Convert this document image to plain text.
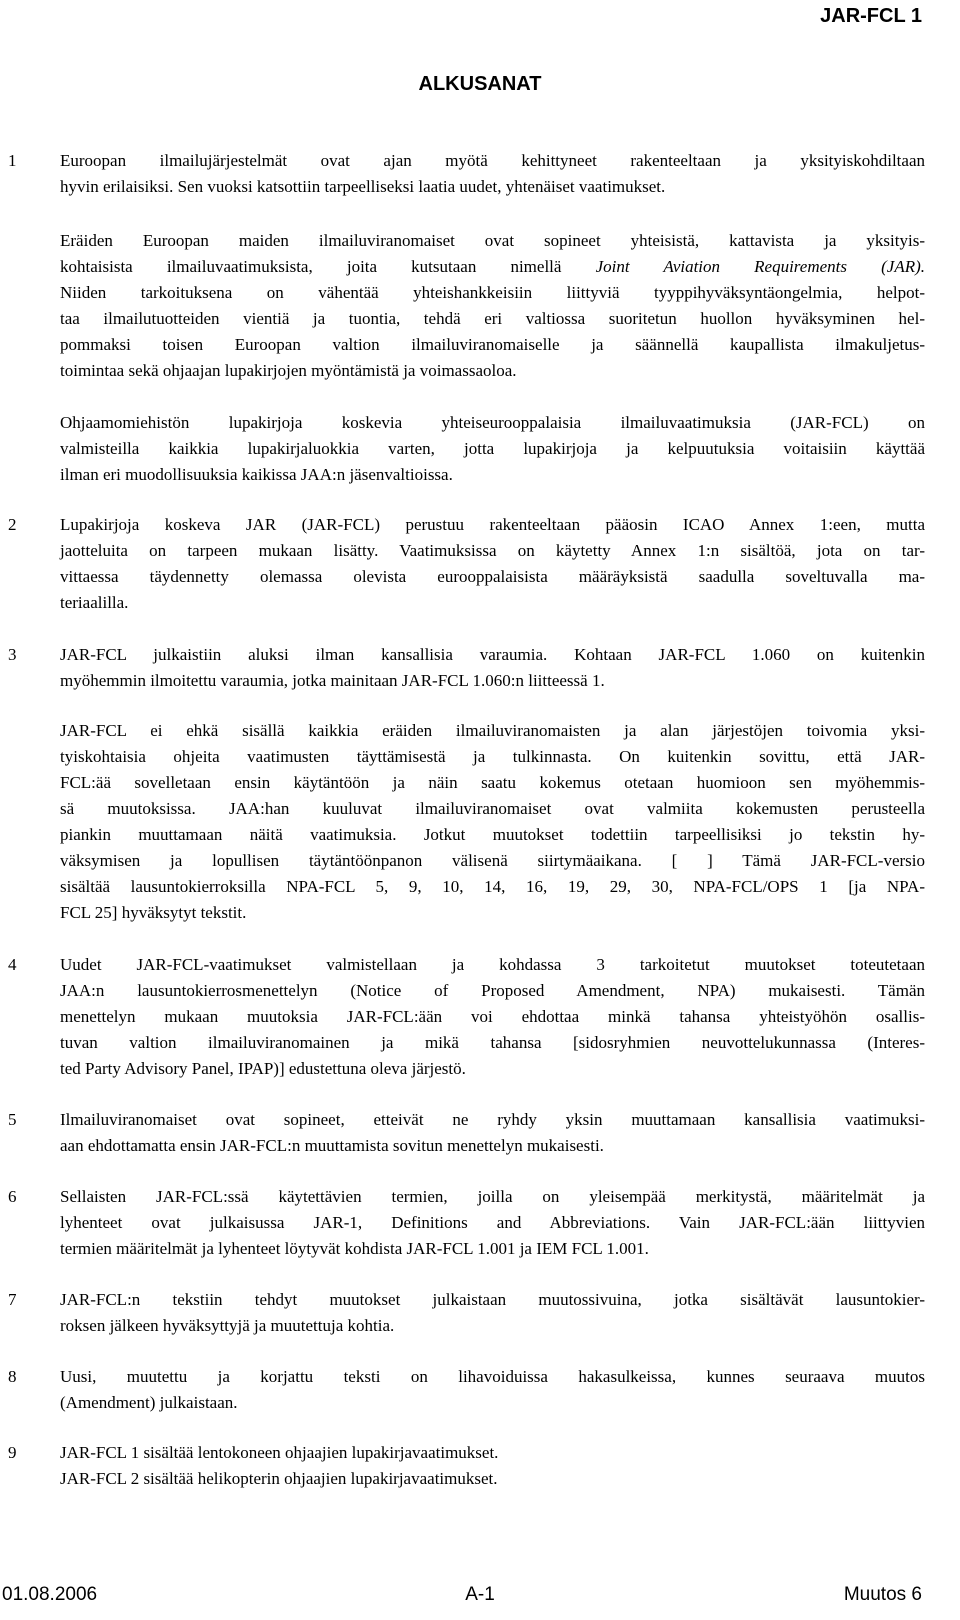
JAR-FCL 1
ALKUSANAT
1	Euroopan ilmailujärjestelmät ovat ajan myötä kehittyneet rakenteeltaan ja yksityiskohdiltaan
hyvin erilaisiksi. Sen vuoksi katsottiin tarpeelliseksi laatia uudet, yhtenäiset vaatimukset.
Eräiden Euroopan maiden ilmailuviranomaiset ovat sopineet yhteisistä, kattavista ja yksityis-
kohtaisista ilmailuvaatimuksista, joita kutsutaan nimellä Joint Aviation Requirements (JAR).
Niiden tarkoituksena on vähentää yhteishankkeisiin liittyviä tyyppihyväksyntäongelmia, helpot-
taa ilmailutuotteiden vientiä ja tuontia, tehdä eri valtiossa suoritetun huollon hyväksyminen hel-
pommaksi toisen Euroopan valtion ilmailuviranomaiselle ja säännellä kaupallista ilmakuljetus-
toimintaa sekä ohjaajan lupakirjojen myöntämistä ja voimassaoloa.
Ohjaamomiehistön lupakirjoja koskevia yhteiseurooppalaisia ilmailuvaatimuksia (JAR-FCL) on
valmisteilla kaikkia lupakirjaluokkia varten, jotta lupakirjoja ja kelpuutuksia voitaisiin käyttää
ilman eri muodollisuuksia kaikissa JAA:n jäsenvaltioissa.
2	Lupakirjoja koskeva JAR (JAR-FCL) perustuu rakenteeltaan pääosin ICAO Annex 1:een, mutta
jaotteluita on tarpeen mukaan lisätty. Vaatimuksissa on käytetty Annex 1:n sisältöä, jota on tar-
vittaessa täydennetty olemassa olevista eurooppalaisista määräyksistä saadulla soveltuvalla ma-
teriaalilla.
3	JAR-FCL julkaistiin aluksi ilman kansallisia varaumia. Kohtaan JAR-FCL 1.060 on kuitenkin
myöhemmin ilmoitettu varaumia, jotka mainitaan JAR-FCL 1.060:n liitteessä 1.
JAR-FCL ei ehkä sisällä kaikkia eräiden ilmailuviranomaisten ja alan järjestöjen toivomia yksi-
tyiskohtaisia ohjeita vaatimusten täyttämisestä ja tulkinnasta. On kuitenkin sovittu, että JAR-
FCL:ää sovelletaan ensin käytäntöön ja näin saatu kokemus otetaan huomioon sen myöhemmis-
sä muutoksissa. JAA:han kuuluvat ilmailuviranomaiset ovat valmiita kokemusten perusteella
piankin muuttamaan näitä vaatimuksia. Jotkut muutokset todettiin tarpeellisiksi jo tekstin hy-
väksymisen ja lopullisen täytäntöönpanon välisenä siirtymäaikana. [ ] Tämä JAR-FCL-versio
sisältää lausuntokierroksilla NPA-FCL 5, 9, 10, 14, 16, 19, 29, 30, NPA-FCL/OPS 1 [ja NPA-
FCL 25] hyväksytyt tekstit.
4	Uudet JAR-FCL-vaatimukset valmistellaan ja kohdassa 3 tarkoitetut muutokset toteutetaan
JAA:n lausuntokierrosmenettelyn (Notice of Proposed Amendment, NPA) mukaisesti. Tämän
menettelyn mukaan muutoksia JAR-FCL:ään voi ehdottaa minkä tahansa yhteistyöhön osallis-
tuvan valtion ilmailuviranomainen ja mikä tahansa [sidosryhmien neuvottelukunnassa (Interes-
ted Party Advisory Panel, IPAP)] edustettuna oleva järjestö.
5	Ilmailuviranomaiset ovat sopineet, etteivät ne ryhdy yksin muuttamaan kansallisia vaatimuksi-
aan ehdottamatta ensin JAR-FCL:n muuttamista sovitun menettelyn mukaisesti.
6	Sellaisten JAR-FCL:ssä käytettävien termien, joilla on yleisempää merkitystä, määritelmät ja
lyhenteet ovat julkaisussa JAR-1, Definitions and Abbreviations. Vain JAR-FCL:ään liittyvien
termien määritelmät ja lyhenteet löytyvät kohdista JAR-FCL 1.001 ja IEM FCL 1.001.
7	JAR-FCL:n tekstiin tehdyt muutokset julkaistaan muutossivuina, jotka sisältävät lausuntokier-
roksen jälkeen hyväksyttyjä ja muutettuja kohtia.
8	Uusi, muutettu ja korjattu teksti on lihavoiduissa hakasulkeissa, kunnes seuraava muutos
(Amendment) julkaistaan.
9	JAR-FCL 1 sisältää lentokoneen ohjaajien lupakirjavaatimukset.
JAR-FCL 2 sisältää helikopterin ohjaajien lupakirjavaatimukset.
01.08.2006	A-1	Muutos 6
